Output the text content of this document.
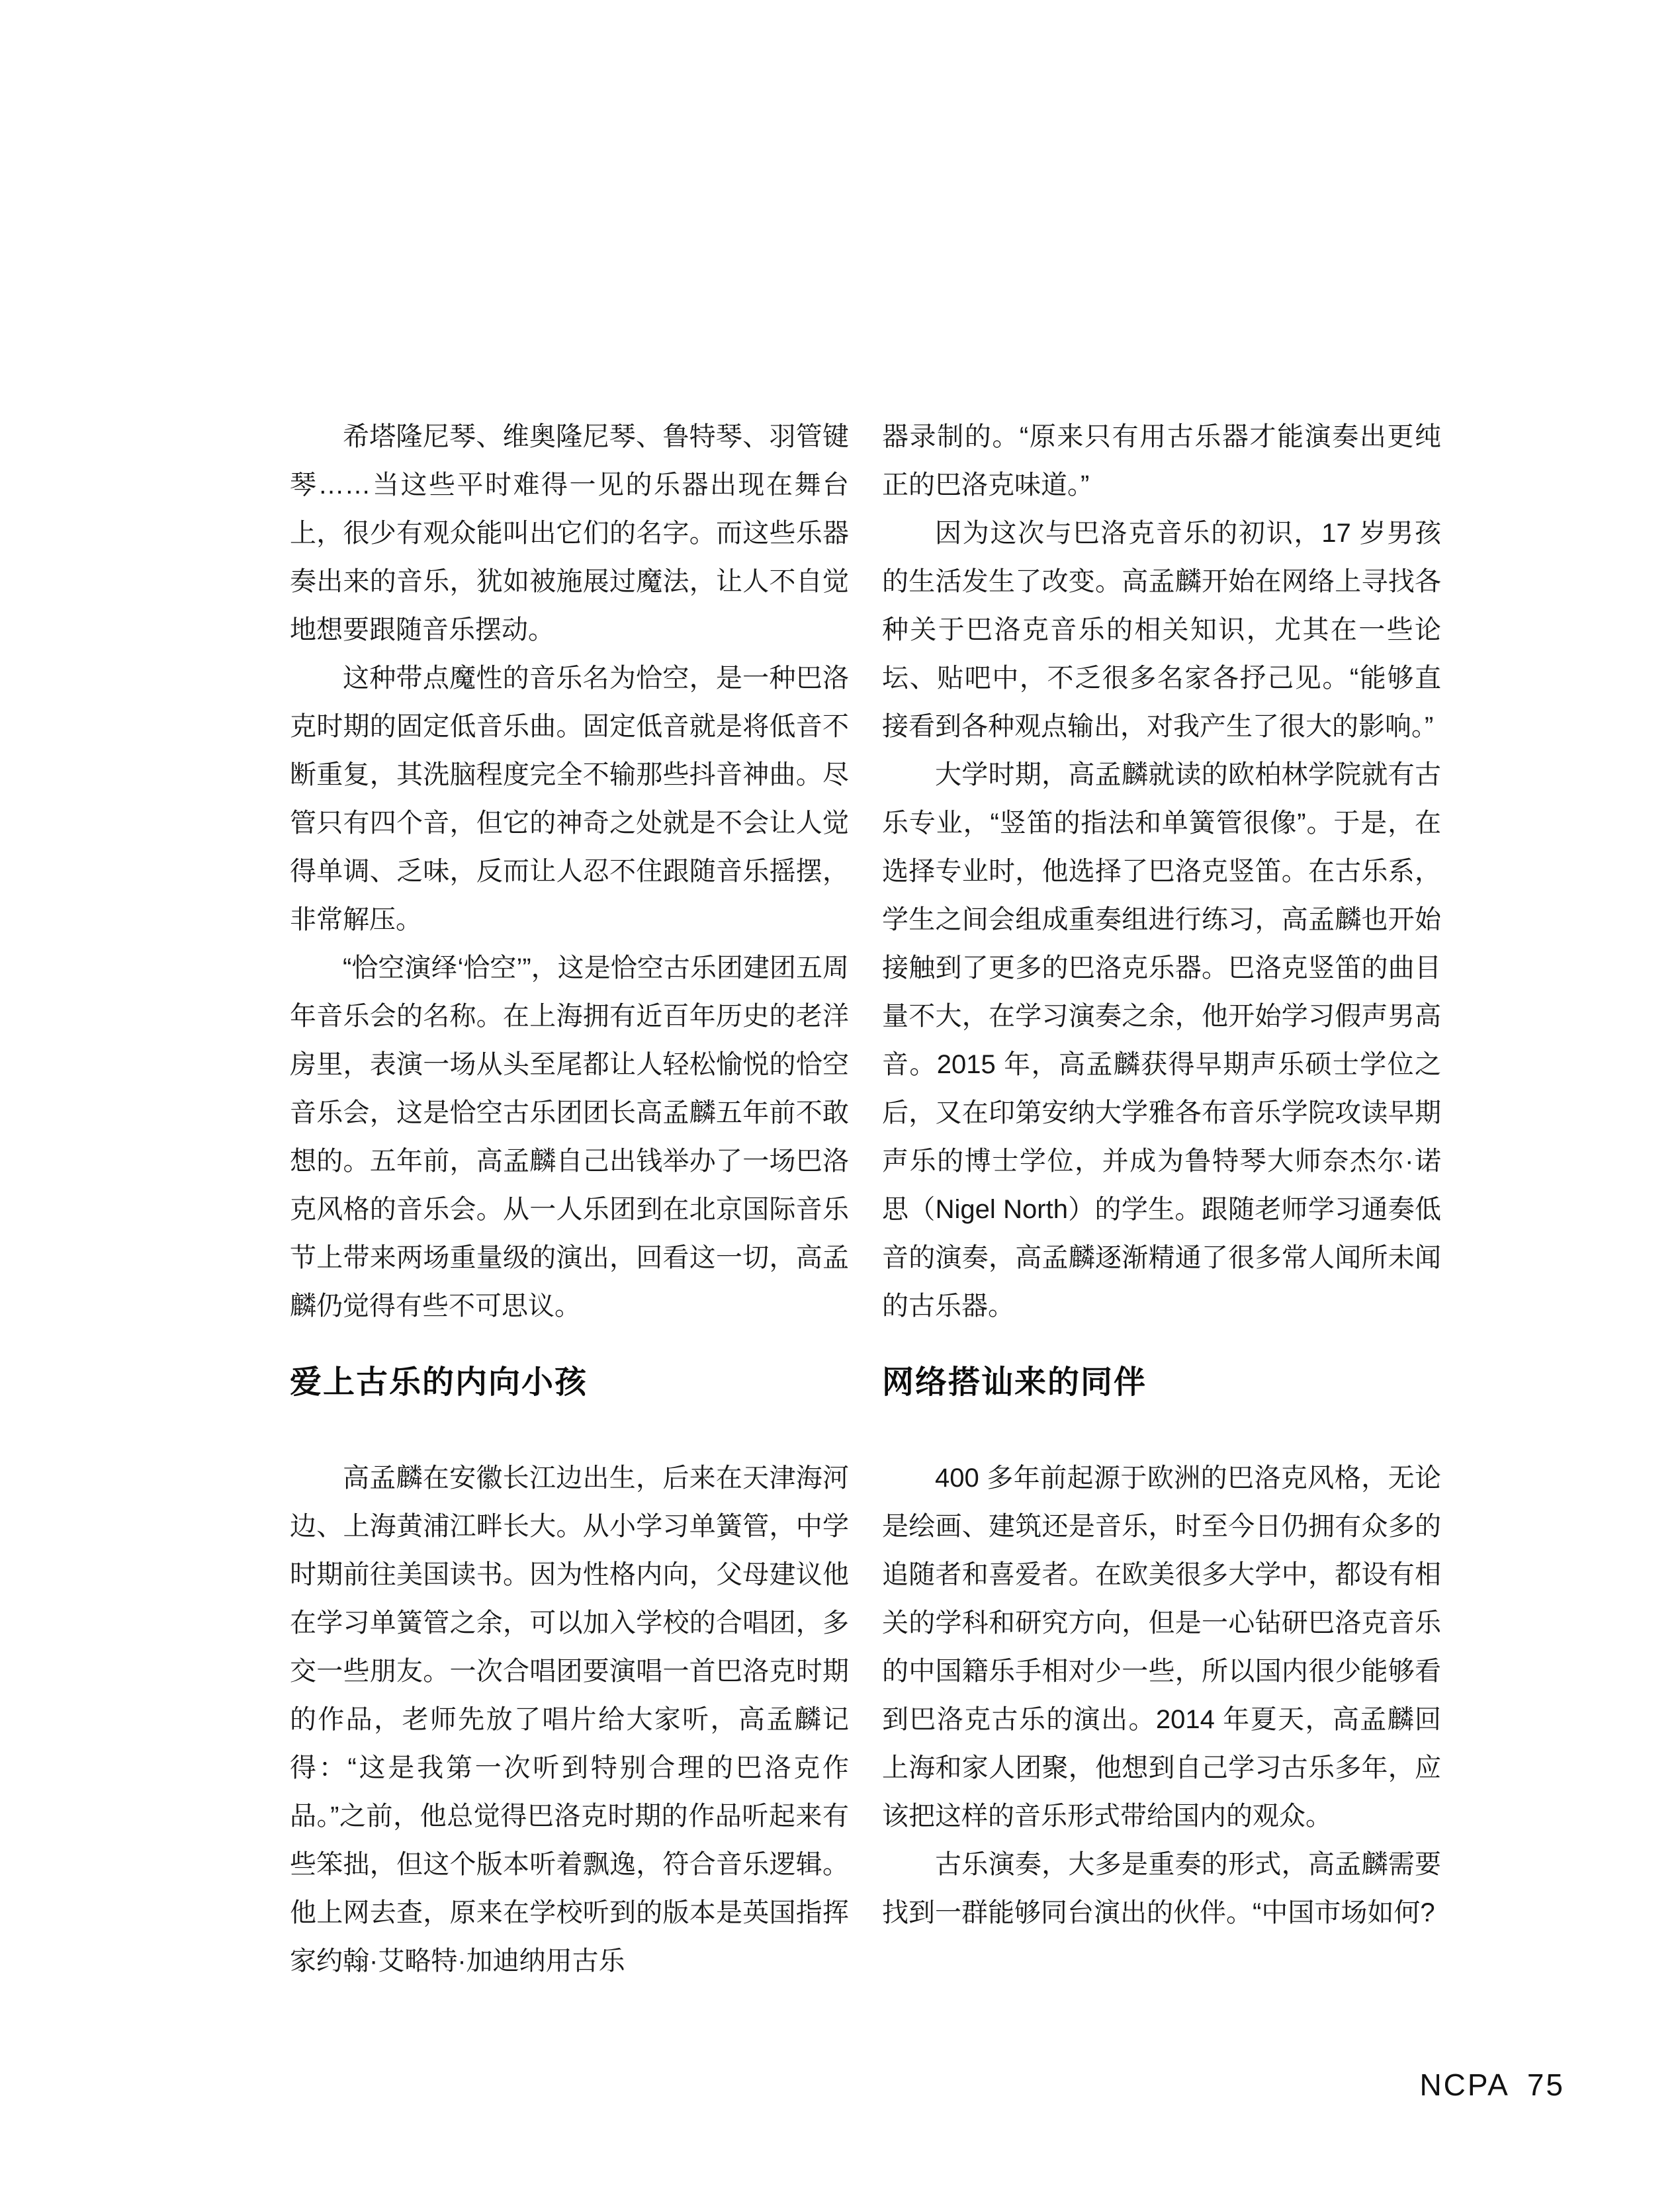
希塔隆尼琴、维奥隆尼琴、鲁特琴、羽管键琴……当这些平时难得一见的乐器出现在舞台上，很少有观众能叫出它们的名字。而这些乐器奏出来的音乐，犹如被施展过魔法，让人不自觉地想要跟随音乐摆动。

这种带点魔性的音乐名为恰空，是一种巴洛克时期的固定低音乐曲。固定低音就是将低音不断重复，其洗脑程度完全不输那些抖音神曲。尽管只有四个音，但它的神奇之处就是不会让人觉得单调、乏味，反而让人忍不住跟随音乐摇摆，非常解压。

“恰空演绎‘恰空’”，这是恰空古乐团建团五周年音乐会的名称。在上海拥有近百年历史的老洋房里，表演一场从头至尾都让人轻松愉悦的恰空音乐会，这是恰空古乐团团长高孟麟五年前不敢想的。五年前，高孟麟自己出钱举办了一场巴洛克风格的音乐会。从一人乐团到在北京国际音乐节上带来两场重量级的演出，回看这一切，高孟麟仍觉得有些不可思议。

爱上古乐的内向小孩

高孟麟在安徽长江边出生，后来在天津海河边、上海黄浦江畔长大。从小学习单簧管，中学时期前往美国读书。因为性格内向，父母建议他在学习单簧管之余，可以加入学校的合唱团，多交一些朋友。一次合唱团要演唱一首巴洛克时期的作品，老师先放了唱片给大家听，高孟麟记得：“这是我第一次听到特别合理的巴洛克作品。”之前，他总觉得巴洛克时期的作品听起来有些笨拙，但这个版本听着飘逸，符合音乐逻辑。他上网去查，原来在学校听到的版本是英国指挥家约翰·艾略特·加迪纳用古乐

器录制的。“原来只有用古乐器才能演奏出更纯正的巴洛克味道。”

因为这次与巴洛克音乐的初识，17 岁男孩的生活发生了改变。高孟麟开始在网络上寻找各种关于巴洛克音乐的相关知识，尤其在一些论坛、贴吧中，不乏很多名家各抒己见。“能够直接看到各种观点输出，对我产生了很大的影响。”

大学时期，高孟麟就读的欧柏林学院就有古乐专业，“竖笛的指法和单簧管很像”。于是，在选择专业时，他选择了巴洛克竖笛。在古乐系，学生之间会组成重奏组进行练习，高孟麟也开始接触到了更多的巴洛克乐器。巴洛克竖笛的曲目量不大，在学习演奏之余，他开始学习假声男高音。2015 年，高孟麟获得早期声乐硕士学位之后，又在印第安纳大学雅各布音乐学院攻读早期声乐的博士学位，并成为鲁特琴大师奈杰尔·诺思（Nigel North）的学生。跟随老师学习通奏低音的演奏，高孟麟逐渐精通了很多常人闻所未闻的古乐器。

网络搭讪来的同伴

400 多年前起源于欧洲的巴洛克风格，无论是绘画、建筑还是音乐，时至今日仍拥有众多的追随者和喜爱者。在欧美很多大学中，都设有相关的学科和研究方向，但是一心钻研巴洛克音乐的中国籍乐手相对少一些，所以国内很少能够看到巴洛克古乐的演出。2014 年夏天，高孟麟回上海和家人团聚，他想到自己学习古乐多年，应该把这样的音乐形式带给国内的观众。

古乐演奏，大多是重奏的形式，高孟麟需要找到一群能够同台演出的伙伴。“中国市场如何?

NCPA 75
